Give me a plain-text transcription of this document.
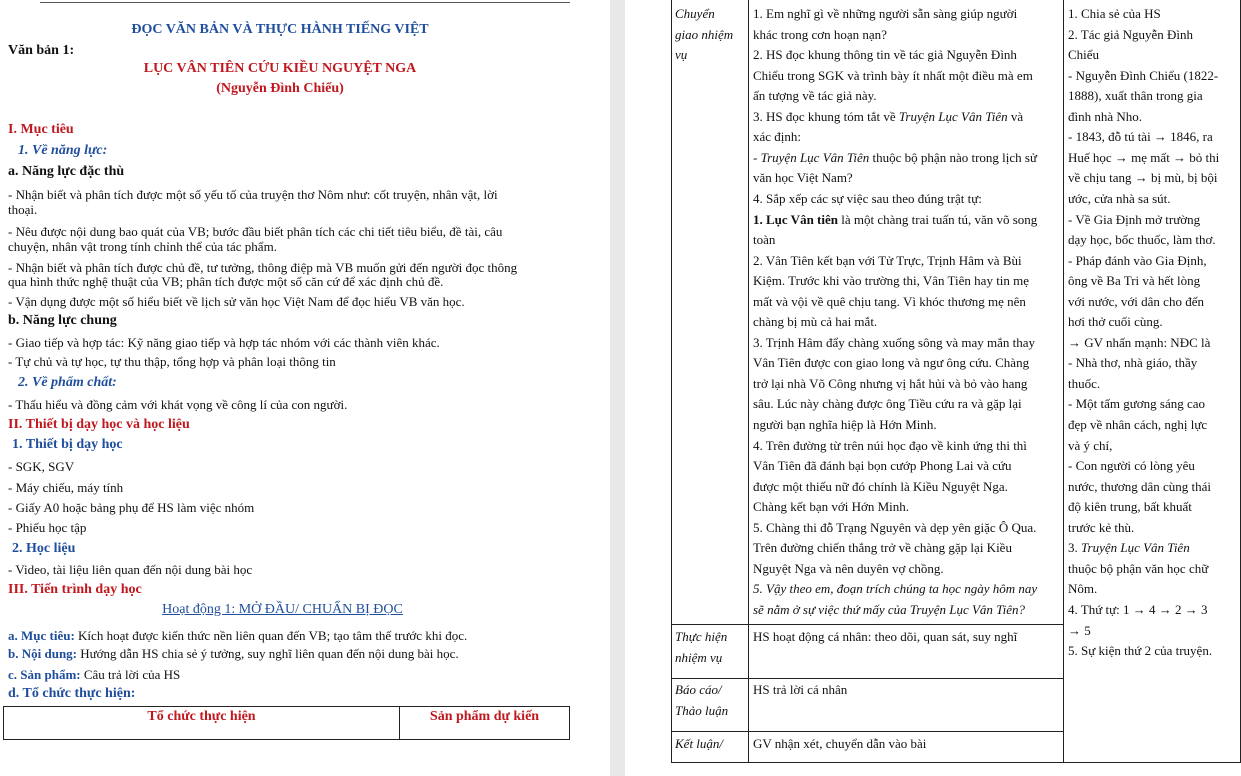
ĐỌC VĂN BẢN VÀ THỰC HÀNH TIẾNG VIỆT
Văn bản 1:
LỤC VÂN TIÊN CỨU KIỀU NGUYỆT NGA
(Nguyễn Đình Chiểu)
I. Mục tiêu
1. Về năng lực:
a. Năng lực đặc thù
- Nhận biết và phân tích được một số yếu tố của truyện thơ Nôm như: cốt truyện, nhân vật, lời
thoại.
- Nêu được nội dung bao quát của VB; bước đầu biết phân tích các chi tiết tiêu biểu, đề tài, câu
chuyện, nhân vật trong tính chỉnh thể của tác phẩm.
- Nhận biết và phân tích được chủ đề, tư tưởng, thông điệp mà VB muốn gửi đến người đọc thông
qua hình thức nghệ thuật của VB; phân tích được một số căn cứ để xác định chủ đề.
- Vận dụng được một số hiểu biết về lịch sử văn học Việt Nam để đọc hiểu VB văn học.
b. Năng lực chung
- Giao tiếp và hợp tác: Kỹ năng giao tiếp và hợp tác nhóm với các thành viên khác.
- Tự chủ và tự học, tự thu thập, tổng hợp và phân loại thông tin
2. Về phẩm chất:
- Thấu hiểu và đồng cảm với khát vọng về công lí của con người.
II. Thiết bị dạy học và học liệu
1. Thiết bị dạy học
- SGK, SGV
- Máy chiếu, máy tính
- Giấy A0 hoặc bảng phụ để HS làm việc nhóm
- Phiếu học tập
2. Học liệu
- Video, tài liệu liên quan đến nội dung bài học
III. Tiến trình dạy học
Hoạt động 1: MỞ ĐẦU/ CHUẨN BỊ ĐỌC
a. Mục tiêu: Kích hoạt được kiến thức nền liên quan đến VB; tạo tâm thế trước khi đọc.
b. Nội dung: Hướng dẫn HS chia sẻ ý tưởng, suy nghĩ liên quan đến nội dung bài học.
c. Sản phẩm: Câu trả lời của HS
d. Tổ chức thực hiện:
Tổ chức thực hiện	Sản phẩm dự kiến
Chuyển
giao nhiệm
vụ
Thực hiện
nhiệm vụ
Báo cáo/
Thảo luận
Kết luận/
1. Em nghĩ gì về những người sẵn sàng giúp người
khác trong cơn hoạn nạn?
2. HS đọc khung thông tin về tác giả Nguyễn Đình
Chiểu trong SGK và trình bày ít nhất một điều mà em
ấn tượng về tác giả này.
3. HS đọc khung tóm tắt về Truyện Lục Vân Tiên và
xác định:
- Truyện Lục Vân Tiên thuộc bộ phận nào trong lịch sử
văn học Việt Nam?
4. Sắp xếp các sự việc sau theo đúng trật tự:
1. Lục Vân tiên là một chàng trai tuấn tú, văn võ song
toàn
2. Vân Tiên kết bạn với Tử Trực, Trịnh Hâm và Bùi
Kiệm. Trước khi vào trường thi, Vân Tiên hay tin mẹ
mất và vội về quê chịu tang. Vì khóc thương mẹ nên
chàng bị mù cả hai mắt.
3. Trịnh Hâm đẩy chàng xuống sông và may mắn thay
Vân Tiên được con giao long và ngư ông cứu. Chàng
trở lại nhà Võ Công nhưng vị hắt hủi và bỏ vào hang
sâu. Lúc này chàng được ông Tiều cứu ra và gặp lại
người bạn nghĩa hiệp là Hớn Minh.
4. Trên đường từ trên núi học đạo về kinh ứng thi thì
Vân Tiên đã đánh bại bọn cướp Phong Lai và cứu
được một thiếu nữ đó chính là Kiều Nguyệt Nga.
Chàng kết bạn với Hớn Minh.
5. Chàng thi đỗ Trạng Nguyên và dẹp yên giặc Ô Qua.
Trên đường chiến thắng trở về chàng gặp lại Kiều
Nguyệt Nga và nên duyên vợ chồng.
5. Vậy theo em, đoạn trích chúng ta học ngày hôm nay
sẽ nằm ở sự việc thứ mấy của Truyện Lục Vân Tiên?
HS hoạt động cá nhân: theo dõi, quan sát, suy nghĩ
HS trả lời cá nhân
GV nhận xét, chuyển dẫn vào bài
1. Chia sẻ của HS
2. Tác giả Nguyễn Đình
Chiểu
- Nguyễn Đình Chiểu (1822-
1888), xuất thân trong gia
đình nhà Nho.
- 1843, đỗ tú tài → 1846, ra
Huế học → mẹ mất → bỏ thi
về chịu tang → bị mù, bị bội
ước, cửa nhà sa sút.
- Về Gia Định mở trường
dạy học, bốc thuốc, làm thơ.
- Pháp đánh vào Gia Định,
ông về Ba Tri và hết lòng
với nước, với dân cho đến
hơi thở cuối cùng.
→ GV nhấn mạnh: NĐC là
- Nhà thơ, nhà giáo, thầy
thuốc.
- Một tấm gương sáng cao
đẹp về nhân cách, nghị lực
và ý chí,
- Con người có lòng yêu
nước, thương dân cùng thái
độ kiên trung, bất khuất
trước kẻ thù.
3. Truyện Lục Vân Tiên
thuộc bộ phận văn học chữ
Nôm.
4. Thứ tự: 1 → 4 → 2 → 3
→ 5
5. Sự kiện thứ 2 của truyện.
